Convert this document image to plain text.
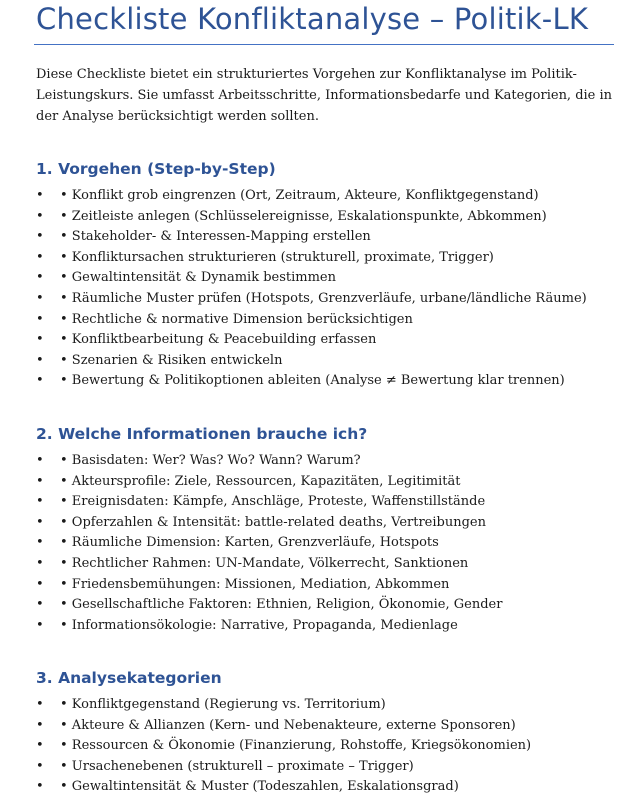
Checkliste Konfliktanalyse – Politik-LK

Diese Checkliste bietet ein strukturiertes Vorgehen zur Konfliktanalyse im Politik-Leistungskurs. Sie umfasst Arbeitsschritte, Informationsbedarfe und Kategorien, die in der Analyse berücksichtigt werden sollten.

1. Vorgehen (Step-by-Step)
• • Konflikt grob eingrenzen (Ort, Zeitraum, Akteure, Konfliktgegenstand)
• • Zeitleiste anlegen (Schlüsselereignisse, Eskalationspunkte, Abkommen)
• • Stakeholder- & Interessen-Mapping erstellen
• • Konfliktursachen strukturieren (strukturell, proximate, Trigger)
• • Gewaltintensität & Dynamik bestimmen
• • Räumliche Muster prüfen (Hotspots, Grenzverläufe, urbane/ländliche Räume)
• • Rechtliche & normative Dimension berücksichtigen
• • Konfliktbearbeitung & Peacebuilding erfassen
• • Szenarien & Risiken entwickeln
• • Bewertung & Politikoptionen ableiten (Analyse ≠ Bewertung klar trennen)
2. Welche Informationen brauche ich?
• • Basisdaten: Wer? Was? Wo? Wann? Warum?
• • Akteursprofile: Ziele, Ressourcen, Kapazitäten, Legitimität
• • Ereignisdaten: Kämpfe, Anschläge, Proteste, Waffenstillstände
• • Opferzahlen & Intensität: battle-related deaths, Vertreibungen
• • Räumliche Dimension: Karten, Grenzverläufe, Hotspots
• • Rechtlicher Rahmen: UN-Mandate, Völkerrecht, Sanktionen
• • Friedensbemühungen: Missionen, Mediation, Abkommen
• • Gesellschaftliche Faktoren: Ethnien, Religion, Ökonomie, Gender
• • Informationsökologie: Narrative, Propaganda, Medienlage
3. Analysekategorien
• • Konfliktgegenstand (Regierung vs. Territorium)
• • Akteure & Allianzen (Kern- und Nebenakteure, externe Sponsoren)
• • Ressourcen & Ökonomie (Finanzierung, Rohstoffe, Kriegsökonomien)
• • Ursachenebenen (strukturell – proximate – Trigger)
• • Gewaltintensität & Muster (Todeszahlen, Eskalationsgrad)
